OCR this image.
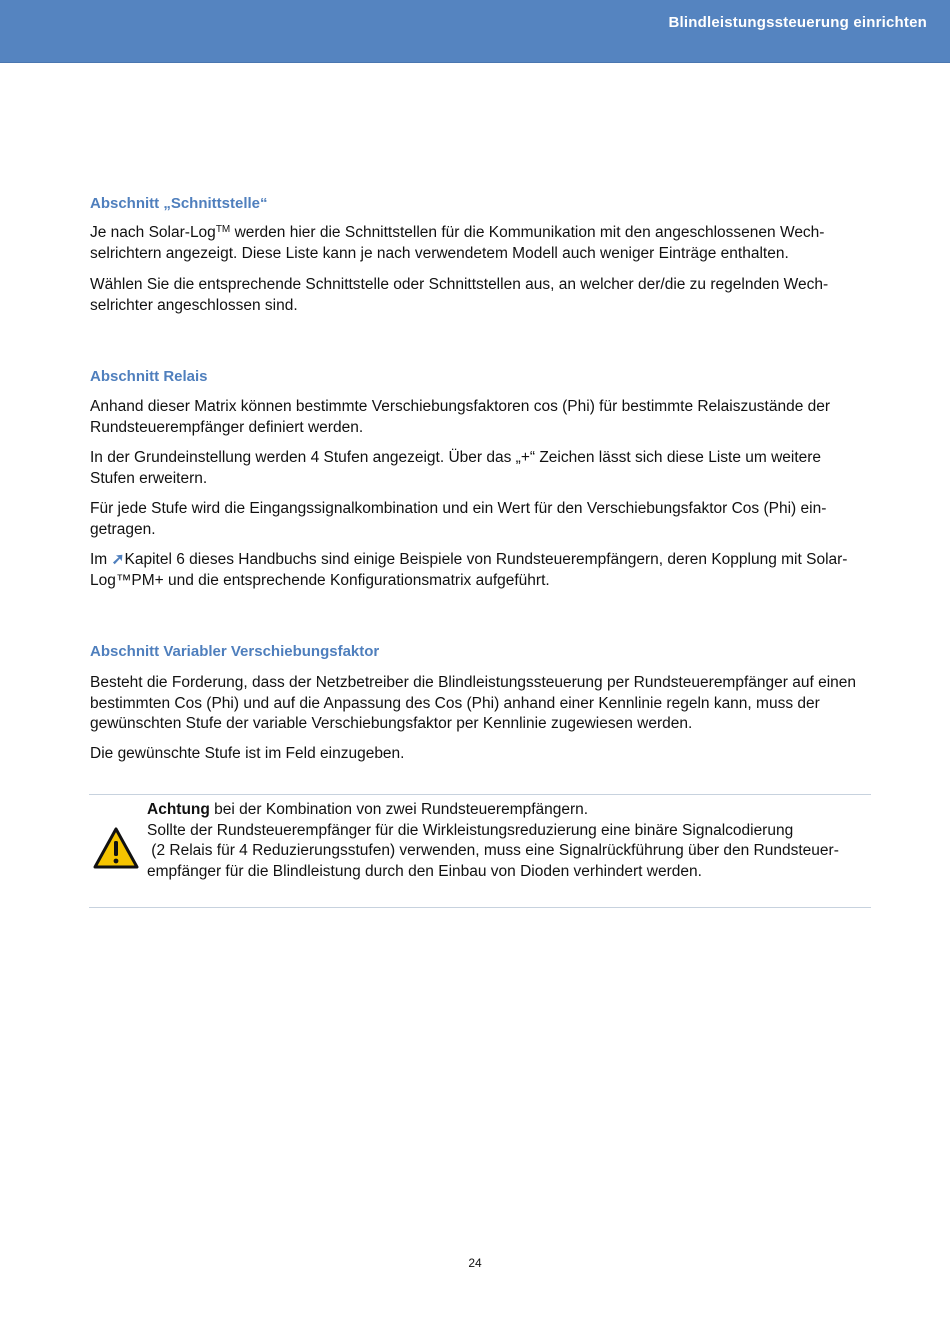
Blindleistungssteuerung einrichten
Abschnitt „Schnittstelle“

Je nach Solar-Log™ werden hier die Schnittstellen für die Kommunikation mit den angeschlossenen Wech-selrichtern angezeigt. Diese Liste kann je nach verwendetem Modell auch weniger Einträge enthalten.

Wählen Sie die entsprechende Schnittstelle oder Schnittstellen aus, an welcher der/die zu regelnden Wech-selrichter angeschlossen sind.

Abschnitt Relais

Anhand dieser Matrix können bestimmte Verschiebungsfaktoren cos (Phi) für bestimmte Relaiszustände der Rundsteuerempfänger definiert werden.

In der Grundeinstellung werden 4 Stufen angezeigt. Über das „+“ Zeichen lässt sich diese Liste um weitere Stufen erweitern.

Für jede Stufe wird die Eingangssignalkombination und ein Wert für den Verschiebungsfaktor Cos (Phi) ein-getragen.

Im ➚Kapitel 6 dieses Handbuchs sind einige Beispiele von Rundsteuerempfängern, deren Kopplung mit Solar-Log™PM+ und die entsprechende Konfigurationsmatrix aufgeführt.

Abschnitt Variabler Verschiebungsfaktor

Besteht die Forderung, dass der Netzbetreiber die Blindleistungssteuerung per Rundsteuerempfänger auf einen bestimmten Cos (Phi) und auf die Anpassung des Cos (Phi) anhand einer Kennlinie regeln kann, muss der gewünschten Stufe der variable Verschiebungsfaktor per Kennlinie zugewiesen werden.

Die gewünschte Stufe ist im Feld einzugeben.

Achtung bei der Kombination von zwei Rundsteuerempfängern.
Sollte der Rundsteuerempfänger für die Wirkleistungsreduzierung eine binäre Signalcodierung
(2 Relais für 4 Reduzierungsstufen) verwenden, muss eine Signalrückführung über den Rundsteuer-
empfänger für die Blindleistung durch den Einbau von Dioden verhindert werden.
24
